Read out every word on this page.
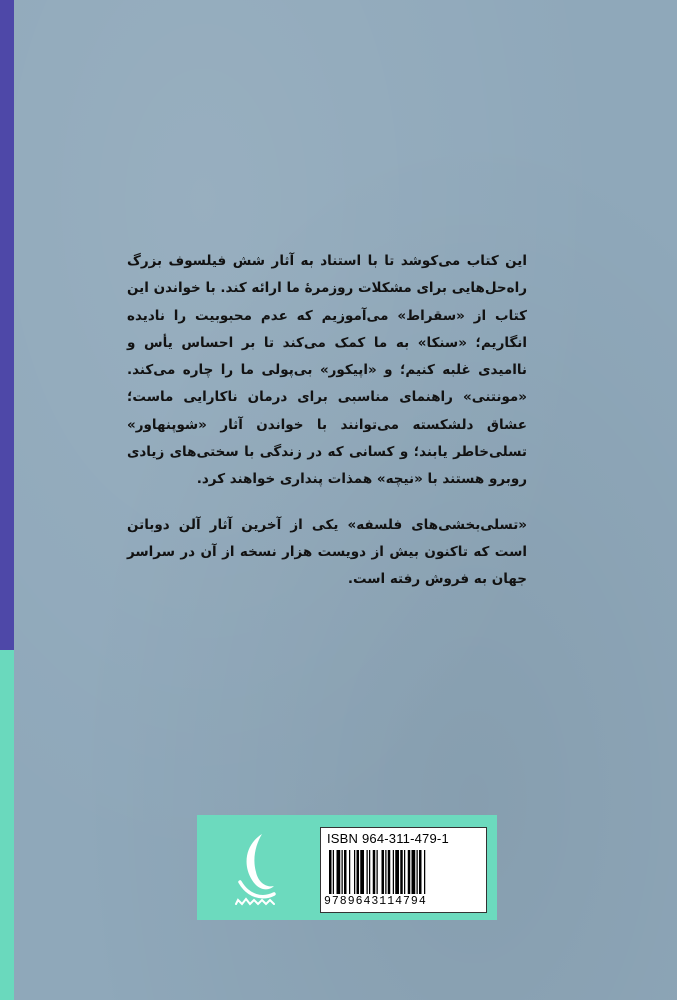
این کتاب می‌کوشد تا با استناد به آثار شش فیلسوف بزرگ راه‌حل‌هایی برای مشکلات روزمرهٔ ما ارائه کند. با خواندن این کتاب از «سقراط» می‌آموزیم که عدم محبوبیت را نادیده انگاریم؛ «سنکا» به ما کمک می‌کند تا بر احساس یأس و ناامیدی غلبه کنیم؛ و «اپیکور» بی‌پولی ما را چاره می‌کند. «مونتنی» راهنمای مناسبی برای درمان ناکارایی ماست؛ عشاق دلشکسته می‌توانند با خواندن آثار «شوپنهاور» تسلی‌خاطر یابند؛ و کسانی که در زندگی با سختی‌های زیادی روبرو هستند با «نیچه» همذات پنداری خواهند کرد.

«تسلی‌بخشی‌های فلسفه» یکی از آخرین آثار آلن دوباتن است که تاکنون بیش از دویست هزار نسخه از آن در سراسر جهان به فروش رفته است.

ISBN 964-311-479-1
9789643114794
